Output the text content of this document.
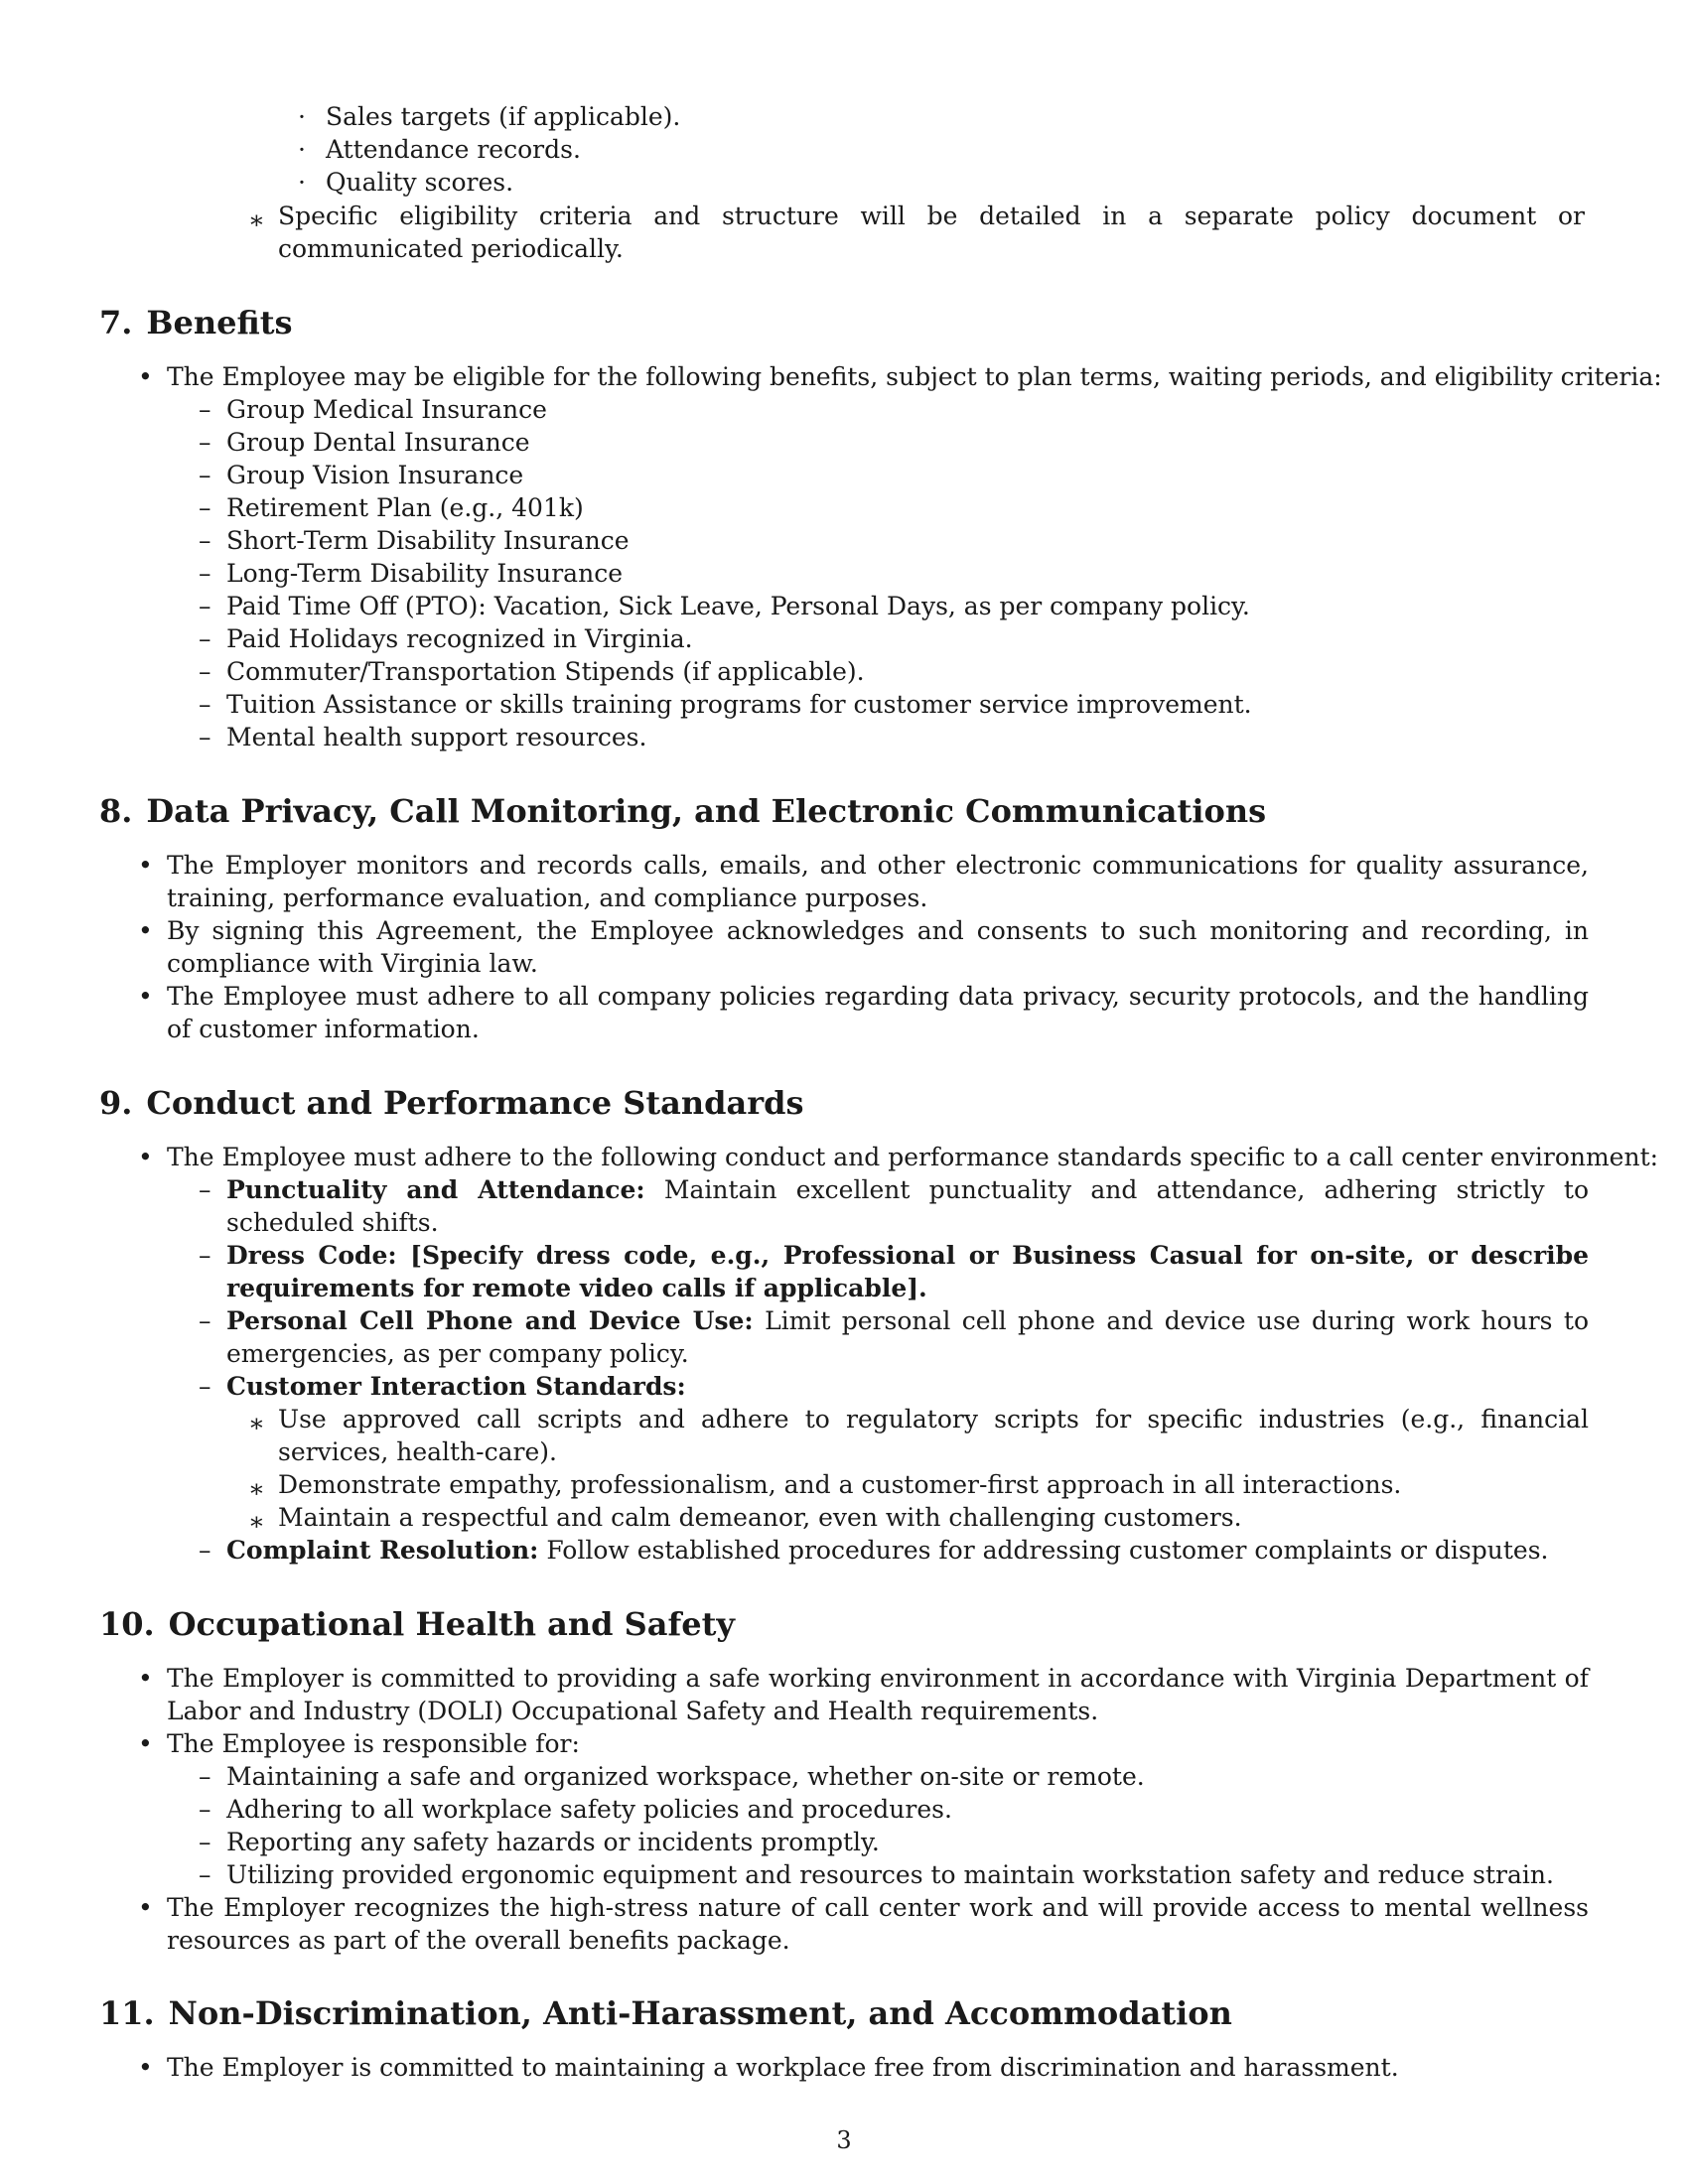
· Sales targets (if applicable).
· Attendance records.
· Quality scores.
∗ Specific eligibility criteria and structure will be detailed in a separate policy document or communicated periodically.
7. Benefits
• The Employee may be eligible for the following benefits, subject to plan terms, waiting periods, and eligibility criteria:
– Group Medical Insurance
– Group Dental Insurance
– Group Vision Insurance
– Retirement Plan (e.g., 401k)
– Short-Term Disability Insurance
– Long-Term Disability Insurance
– Paid Time Off (PTO): Vacation, Sick Leave, Personal Days, as per company policy.
– Paid Holidays recognized in Virginia.
– Commuter/Transportation Stipends (if applicable).
– Tuition Assistance or skills training programs for customer service improvement.
– Mental health support resources.
8. Data Privacy, Call Monitoring, and Electronic Communications
• The Employer monitors and records calls, emails, and other electronic communications for quality assurance, training, performance evaluation, and compliance purposes.
• By signing this Agreement, the Employee acknowledges and consents to such monitoring and recording, in compliance with Virginia law.
• The Employee must adhere to all company policies regarding data privacy, security protocols, and the handling of customer information.
9. Conduct and Performance Standards
• The Employee must adhere to the following conduct and performance standards specific to a call center environment:
– Punctuality and Attendance: Maintain excellent punctuality and attendance, adhering strictly to scheduled shifts.
– Dress Code: [Specify dress code, e.g., Professional or Business Casual for on-site, or describe requirements for remote video calls if applicable].
– Personal Cell Phone and Device Use: Limit personal cell phone and device use during work hours to emergencies, as per company policy.
– Customer Interaction Standards:
∗ Use approved call scripts and adhere to regulatory scripts for specific industries (e.g., financial services, health-care).
∗ Demonstrate empathy, professionalism, and a customer-first approach in all interactions.
∗ Maintain a respectful and calm demeanor, even with challenging customers.
– Complaint Resolution: Follow established procedures for addressing customer complaints or disputes.
10. Occupational Health and Safety
• The Employer is committed to providing a safe working environment in accordance with Virginia Department of Labor and Industry (DOLI) Occupational Safety and Health requirements.
• The Employee is responsible for:
– Maintaining a safe and organized workspace, whether on-site or remote.
– Adhering to all workplace safety policies and procedures.
– Reporting any safety hazards or incidents promptly.
– Utilizing provided ergonomic equipment and resources to maintain workstation safety and reduce strain.
• The Employer recognizes the high-stress nature of call center work and will provide access to mental wellness resources as part of the overall benefits package.
11. Non-Discrimination, Anti-Harassment, and Accommodation
• The Employer is committed to maintaining a workplace free from discrimination and harassment.
3
